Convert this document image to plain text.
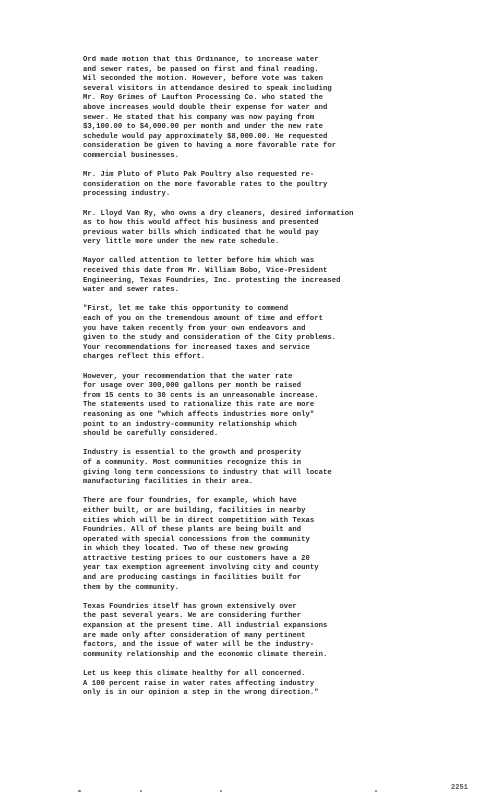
Ord made motion that this Ordinance, to increase water
and sewer rates, be passed on first and final reading.
Wil seconded the motion. However, before vote was taken
several visitors in attendance desired to speak including
Mr. Roy Grimes of Laufton Processing Co. who stated the
above increases would double their expense for water and
sewer. He stated that his company was now paying from
$3,100.00 to $4,000.00 per month and under the new rate
schedule would pay approximately $8,000.00. He requested
consideration be given to having a more favorable rate for
commercial businesses.

Mr. Jim Pluto of Pluto Pak Poultry also requested re-
consideration on the more favorable rates to the poultry
processing industry.

Mr. Lloyd Van Ry, who owns a dry cleaners, desired information
as to how this would affect his business and presented
previous water bills which indicated that he would pay
very little more under the new rate schedule.

Mayor called attention to letter before him which was
received this date from Mr. William Bobo, Vice-President
Engineering, Texas Foundries, Inc. protesting the increased
water and sewer rates.

"First, let me take this opportunity to commend
each of you on the tremendous amount of time and effort
you have taken recently from your own endeavors and
given to the study and consideration of the City problems.
Your recommendations for increased taxes and service
charges reflect this effort.

However, your recommendation that the water rate
for usage over 300,000 gallons per month be raised
from 15 cents to 30 cents is an unreasonable increase.
The statements used to rationalize this rate are more
reasoning as one "which affects industries more only"
point to an industry-community relationship which
should be carefully considered.

Industry is essential to the growth and prosperity
of a community. Most communities recognize this in
giving long term concessions to industry that will locate
manufacturing facilities in their area.

There are four foundries, for example, which have
either built, or are building, facilities in nearby
cities which will be in direct competition with Texas
Foundries. All of these plants are being built and
operated with special concessions from the community
in which they located. Two of these new growing
attractive testing prices to our customers have a 20
year tax exemption agreement involving city and county
and are producing castings in facilities built for
them by the community.

Texas Foundries itself has grown extensively over
the past several years. We are considering further
expansion at the present time. All industrial expansions
are made only after consideration of many pertinent
factors, and the issue of water will be the industry-
community relationship and the economic climate therein.

Let us keep this climate healthy for all concerned.
A 100 percent raise in water rates affecting industry
only is in our opinion a step in the wrong direction."

2251
